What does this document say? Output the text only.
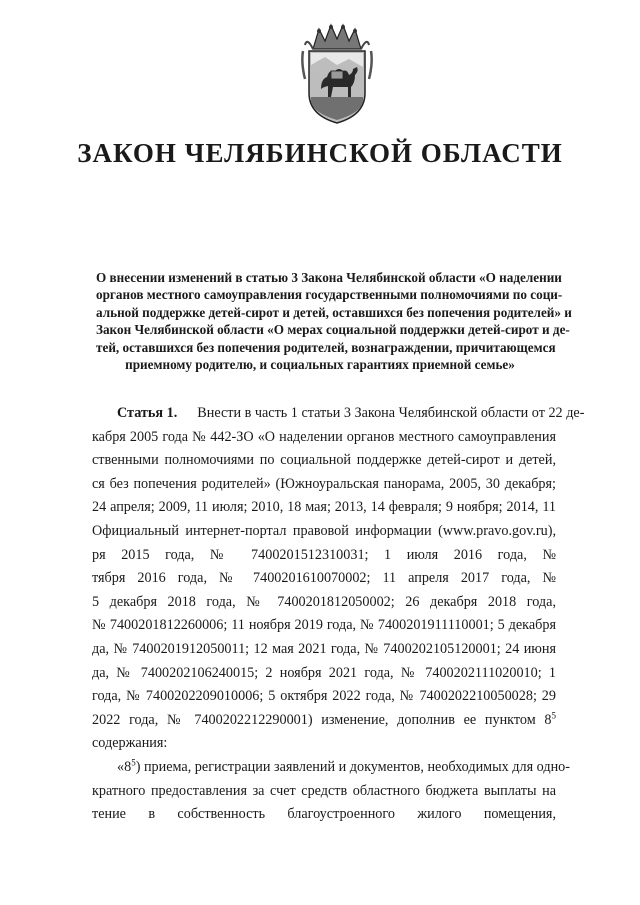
ЗАКОН ЧЕЛЯБИНСКОЙ ОБЛАСТИ
О внесении изменений в статью 3 Закона Челябинской области «О наделении
органов местного самоуправления государственными полномочиями по соци-
альной поддержке детей-сирот и детей, оставшихся без попечения родителей» и
Закон Челябинской области «О мерах социальной поддержки детей-сирот и де-
тей, оставшихся без попечения родителей, вознаграждении, причитающемся
приемному родителю, и социальных гарантиях приемной семье»
Статья 1. Внести в часть 1 статьи 3 Закона Челябинской области от 22 де-
кабря 2005 года № 442-ЗО «О наделении органов местного самоуправления
ственными полномочиями по социальной поддержке детей-сирот и детей,
ся без попечения родителей» (Южноуральская панорама, 2005, 30 декабря;
24 апреля; 2009, 11 июля; 2010, 18 мая; 2013, 14 февраля; 9 ноября; 2014, 11
Официальный интернет-портал правовой информации (www.pravo.gov.ru),
ря 2015 года, № 7400201512310031; 1 июля 2016 года, №
тября 2016 года, № 7400201610070002; 11 апреля 2017 года, №
5 декабря 2018 года, № 7400201812050002; 26 декабря 2018 года,
№ 7400201812260006; 11 ноября 2019 года, № 7400201911110001; 5 декабря
да, № 7400201912050011; 12 мая 2021 года, № 7400202105120001; 24 июня
да, № 7400202106240015; 2 ноября 2021 года, № 7400202111020010; 1
года, № 7400202209010006; 5 октября 2022 года, № 7400202210050028; 29
2022 года, № 7400202212290001) изменение, дополнив ее пунктом $8^5$
содержания:
«$8^5$) приема, регистрации заявлений и документов, необходимых для одно-
кратного предоставления за счет средств областного бюджета выплаты на
тение в собственность благоустроенного жилого помещения,
